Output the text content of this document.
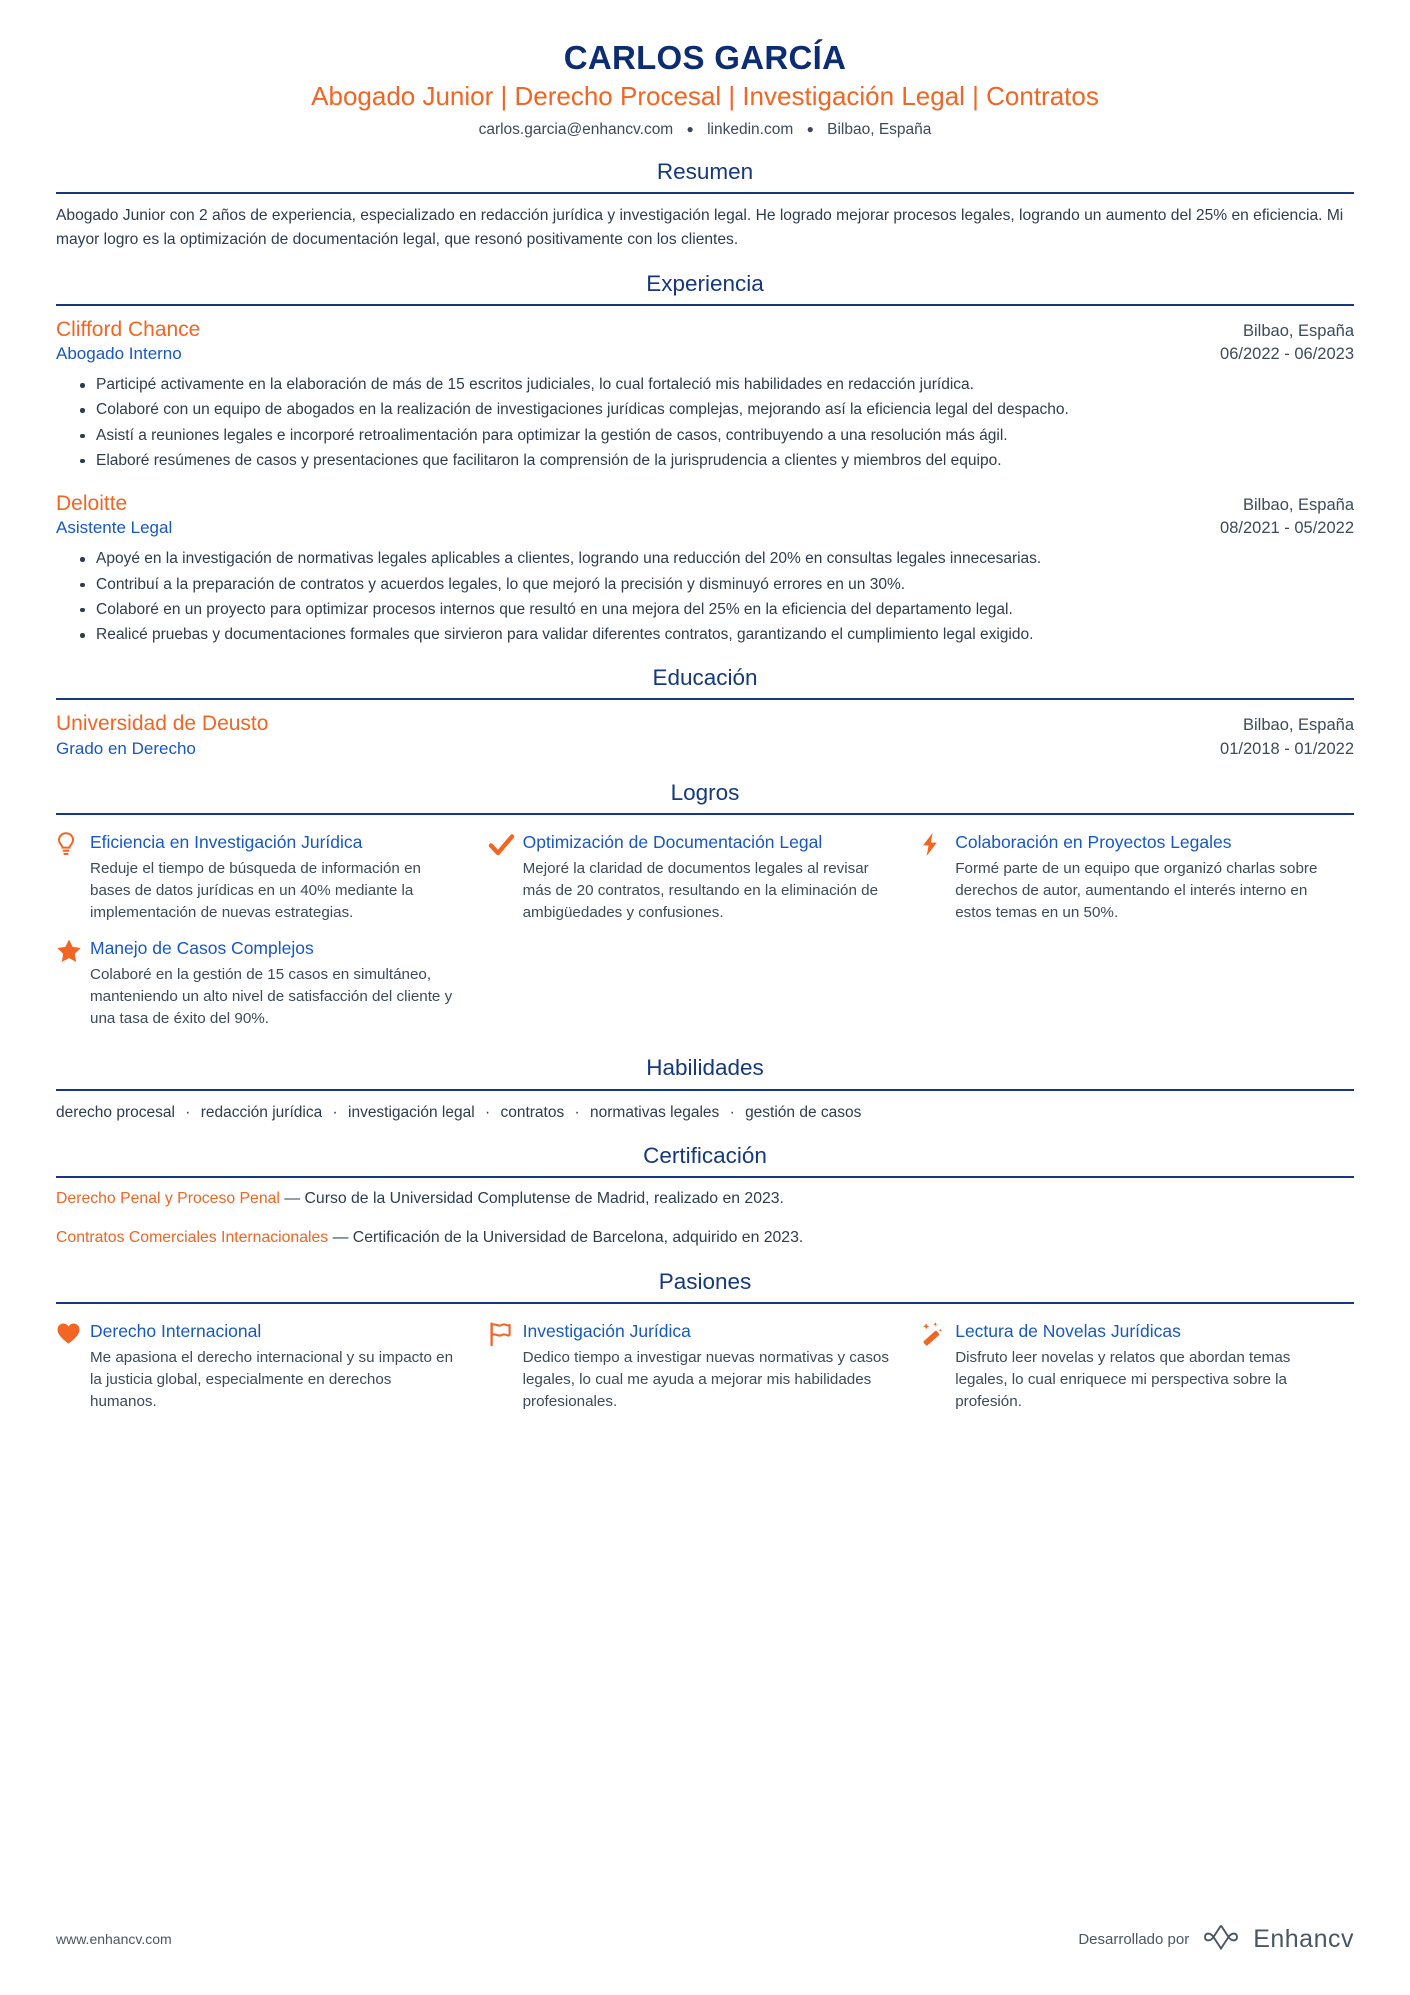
CARLOS GARCÍA
Abogado Junior | Derecho Procesal | Investigación Legal | Contratos
carlos.garcia@enhancv.com ● linkedin.com ● Bilbao, España
Resumen

Abogado Junior con 2 años de experiencia, especializado en redacción jurídica y investigación legal. He logrado mejorar procesos legales, logrando un aumento del 25% en eficiencia. Mi mayor logro es la optimización de documentación legal, que resonó positivamente con los clientes.

Experiencia
Clifford Chance	Bilbao, España
Abogado Interno	06/2022 - 06/2023
Participé activamente en la elaboración de más de 15 escritos judiciales, lo cual fortaleció mis habilidades en redacción jurídica.
Colaboré con un equipo de abogados en la realización de investigaciones jurídicas complejas, mejorando así la eficiencia legal del despacho.
Asistí a reuniones legales e incorporé retroalimentación para optimizar la gestión de casos, contribuyendo a una resolución más ágil.
Elaboré resúmenes de casos y presentaciones que facilitaron la comprensión de la jurisprudencia a clientes y miembros del equipo.
Deloitte	Bilbao, España
Asistente Legal	08/2021 - 05/2022
Apoyé en la investigación de normativas legales aplicables a clientes, logrando una reducción del 20% en consultas legales innecesarias.
Contribuí a la preparación de contratos y acuerdos legales, lo que mejoró la precisión y disminuyó errores en un 30%.
Colaboré en un proyecto para optimizar procesos internos que resultó en una mejora del 25% en la eficiencia del departamento legal.
Realicé pruebas y documentaciones formales que sirvieron para validar diferentes contratos, garantizando el cumplimiento legal exigido.
Educación
Universidad de Deusto	Bilbao, España
Grado en Derecho	01/2018 - 01/2022
Logros
Eficiencia en Investigación Jurídica

Reduje el tiempo de búsqueda de información en bases de datos jurídicas en un 40% mediante la implementación de nuevas estrategias.

Optimización de Documentación Legal

Mejoré la claridad de documentos legales al revisar más de 20 contratos, resultando en la eliminación de ambigüedades y confusiones.

Colaboración en Proyectos Legales

Formé parte de un equipo que organizó charlas sobre derechos de autor, aumentando el interés interno en estos temas en un 50%.

Manejo de Casos Complejos

Colaboré en la gestión de 15 casos en simultáneo, manteniendo un alto nivel de satisfacción del cliente y una tasa de éxito del 90%.

Habilidades
derecho procesal · redacción jurídica · investigación legal · contratos · normativas legales · gestión de casos
Certificación
Derecho Penal y Proceso Penal — Curso de la Universidad Complutense de Madrid, realizado en 2023.
Contratos Comerciales Internacionales — Certificación de la Universidad de Barcelona, adquirido en 2023.
Pasiones
Derecho Internacional

Me apasiona el derecho internacional y su impacto en la justicia global, especialmente en derechos humanos.

Investigación Jurídica

Dedico tiempo a investigar nuevas normativas y casos legales, lo cual me ayuda a mejorar mis habilidades profesionales.

Lectura de Novelas Jurídicas

Disfruto leer novelas y relatos que abordan temas legales, lo cual enriquece mi perspectiva sobre la profesión.

www.enhancv.com	Desarrollado por	Enhancv
